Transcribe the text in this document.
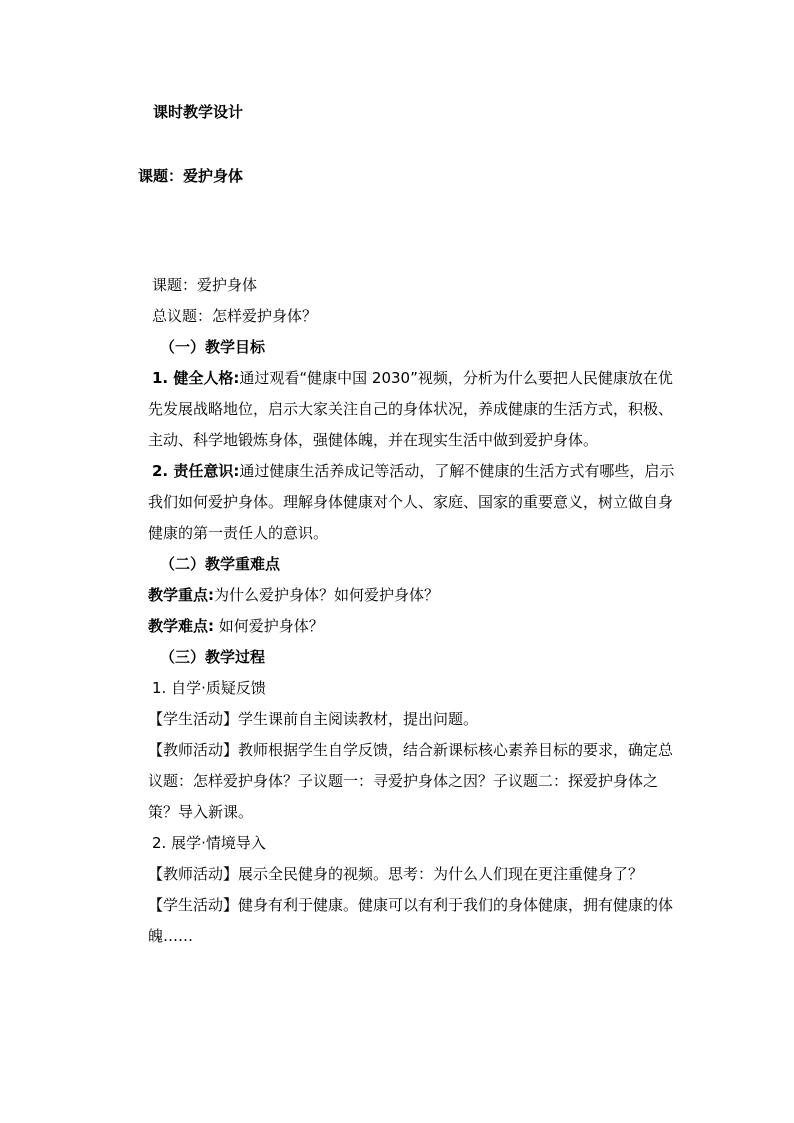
课时教学设计
课题：爱护身体

课题：爱护身体

总议题：怎样爱护身体？

（一）教学目标

1. 健全人格:通过观看“健康中国 2030”视频，分析为什么要把人民健康放在优先发展战略地位，启示大家关注自己的身体状况，养成健康的生活方式，积极、主动、科学地锻炼身体，强健体魄，并在现实生活中做到爱护身体。

2. 责任意识:通过健康生活养成记等活动，了解不健康的生活方式有哪些，启示我们如何爱护身体。理解身体健康对个人、家庭、国家的重要意义，树立做自身健康的第一责任人的意识。

（二）教学重难点

教学重点:为什么爱护身体？如何爱护身体？

教学难点: 如何爱护身体？

（三）教学过程

1. 自学·质疑反馈

【学生活动】学生课前自主阅读教材，提出问题。

【教师活动】教师根据学生自学反馈，结合新课标核心素养目标的要求，确定总议题：怎样爱护身体？子议题一：寻爱护身体之因？子议题二：探爱护身体之策？导入新课。

2. 展学·情境导入

【教师活动】展示全民健身的视频。思考：为什么人们现在更注重健身了？

【学生活动】健身有利于健康。健康可以有利于我们的身体健康，拥有健康的体魄……
